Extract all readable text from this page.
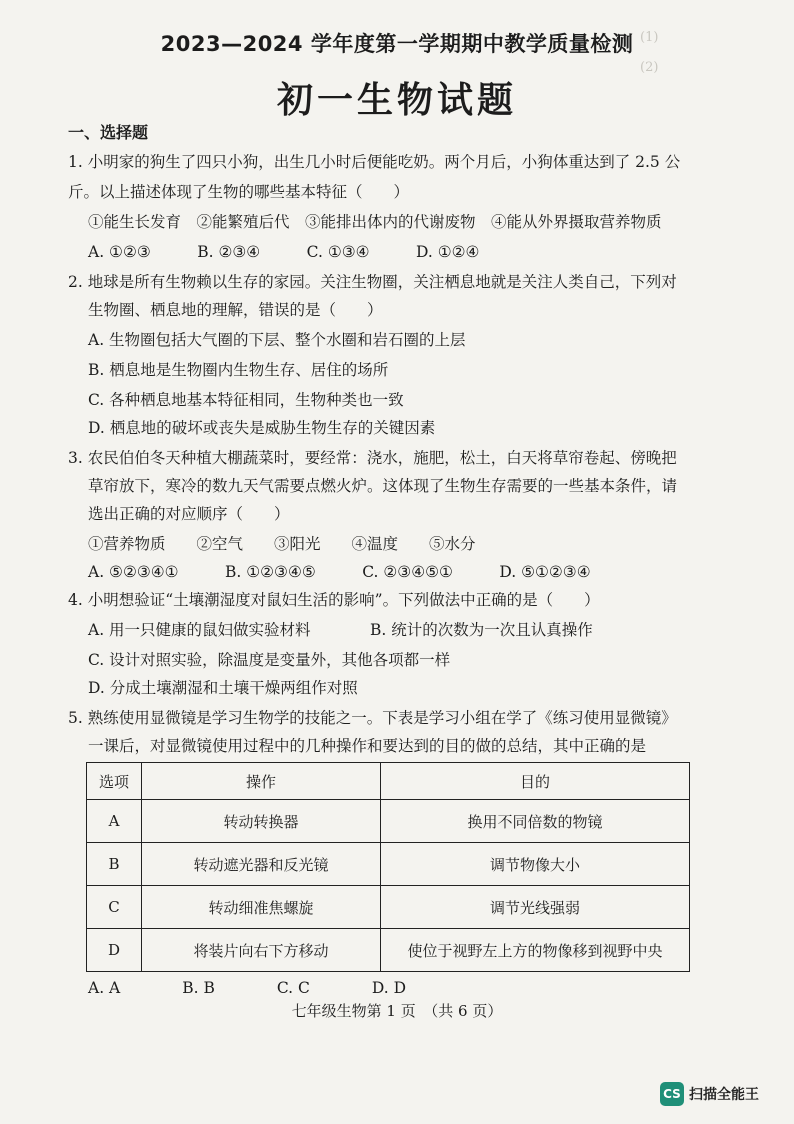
(1)
(2)
2023—2024 学年度第一学期期中教学质量检测
初一生物试题
一、选择题
1. 小明家的狗生了四只小狗，出生几小时后便能吃奶。两个月后，小狗体重达到了 2.5 公
斤。以上描述体现了生物的哪些基本特征（　　）
①能生长发育　②能繁殖后代　③能排出体内的代谢废物　④能从外界摄取营养物质
A. ①②③　　　B. ②③④　　　C. ①③④　　　D. ①②④
2. 地球是所有生物赖以生存的家园。关注生物圈，关注栖息地就是关注人类自己，下列对
生物圈、栖息地的理解，错误的是（　　）
A. 生物圈包括大气圈的下层、整个水圈和岩石圈的上层
B. 栖息地是生物圈内生物生存、居住的场所
C. 各种栖息地基本特征相同，生物种类也一致
D. 栖息地的破坏或丧失是威胁生物生存的关键因素
3. 农民伯伯冬天种植大棚蔬菜时，要经常：浇水，施肥，松土，白天将草帘卷起、傍晚把
草帘放下，寒冷的数九天气需要点燃火炉。这体现了生物生存需要的一些基本条件，请
选出正确的对应顺序（　　）
①营养物质　　②空气　　③阳光　　④温度　　⑤水分
A. ⑤②③④①　　　B. ①②③④⑤　　　C. ②③④⑤①　　　D. ⑤①②③④
4. 小明想验证“土壤潮湿度对鼠妇生活的影响”。下列做法中正确的是（　　）
A. 用一只健康的鼠妇做实验材料	B. 统计的次数为一次且认真操作
C. 设计对照实验，除温度是变量外，其他各项都一样
D. 分成土壤潮湿和土壤干燥两组作对照
5. 熟练使用显微镜是学习生物学的技能之一。下表是学习小组在学了《练习使用显微镜》
一课后，对显微镜使用过程中的几种操作和要达到的目的做的总结，其中正确的是
选项	操作	目的
A	转动转换器	换用不同倍数的物镜
B	转动遮光器和反光镜	调节物像大小
C	转动细准焦螺旋	调节光线强弱
D	将装片向右下方移动	使位于视野左上方的物像移到视野中央
A. A　　　　B. B　　　　C. C　　　　D. D
七年级生物第 1 页　（共 6 页）
CS 扫描全能王
